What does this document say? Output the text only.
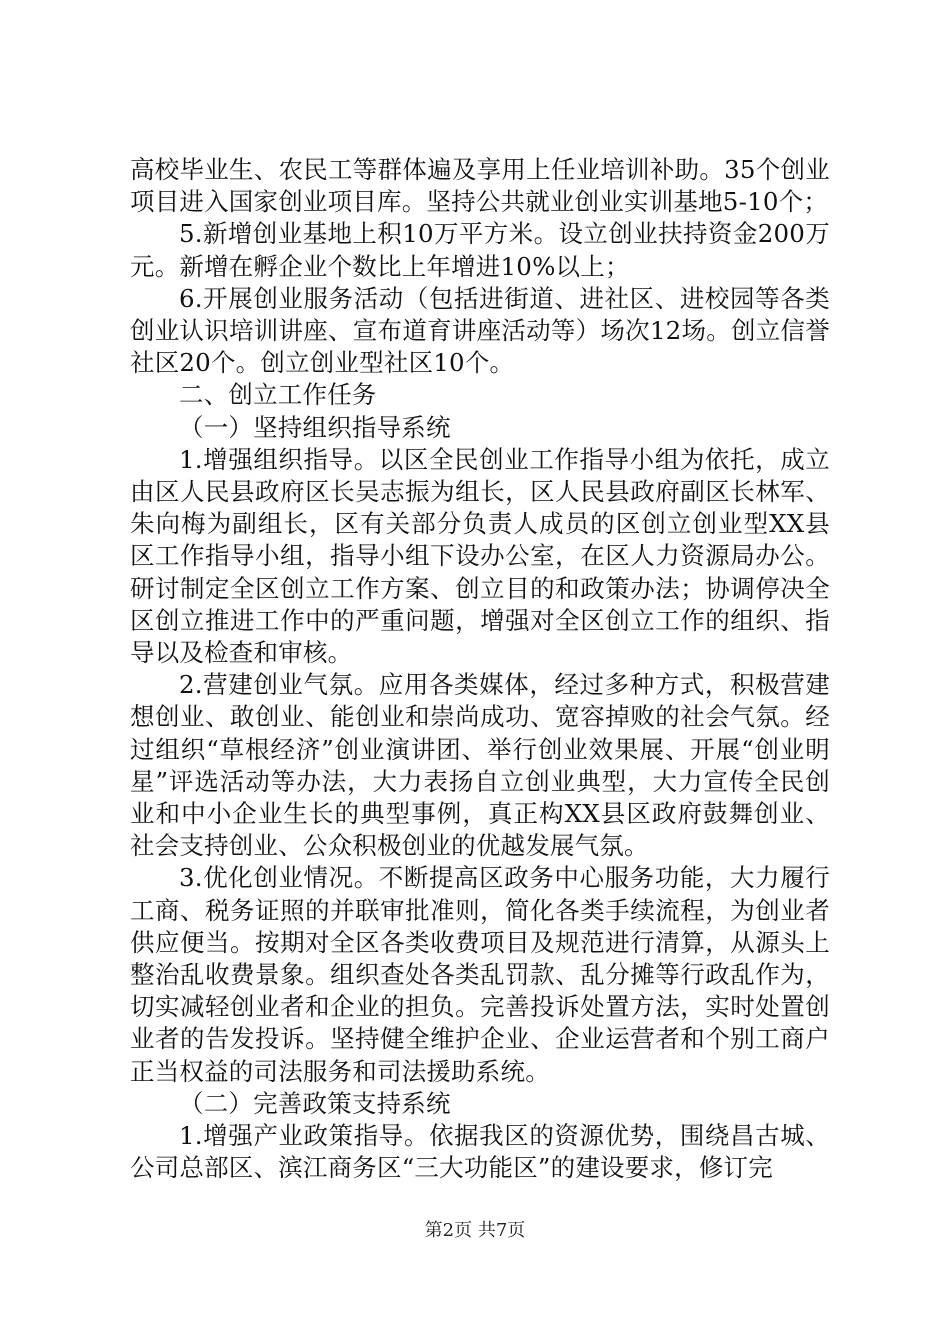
高校毕业生、农民工等群体遍及享用上任业培训补助。35个创业项目进入国家创业项目库。坚持公共就业创业实训基地5-10个；

5.新增创业基地上积10万平方米。设立创业扶持资金200万元。新增在孵企业个数比上年增进10%以上；

6.开展创业服务活动（包括进街道、进社区、进校园等各类创业认识培训讲座、宣布道育讲座活动等）场次12场。创立信誉社区20个。创立创业型社区10个。

二、创立工作任务

（一）坚持组织指导系统

1.增强组织指导。以区全民创业工作指导小组为依托，成立由区人民县政府区长吴志振为组长，区人民县政府副区长林军、朱向梅为副组长，区有关部分负责人成员的区创立创业型XX县区工作指导小组，指导小组下设办公室，在区人力资源局办公。研讨制定全区创立工作方案、创立目的和政策办法；协调停决全区创立推进工作中的严重问题，增强对全区创立工作的组织、指导以及检查和审核。

2.营建创业气氛。应用各类媒体，经过多种方式，积极营建想创业、敢创业、能创业和崇尚成功、宽容掉败的社会气氛。经过组织“草根经济”创业演讲团、举行创业效果展、开展“创业明星”评选活动等办法，大力表扬自立创业典型，大力宣传全民创业和中小企业生长的典型事例，真正构XX县区政府鼓舞创业、社会支持创业、公众积极创业的优越发展气氛。

3.优化创业情况。不断提高区政务中心服务功能，大力履行工商、税务证照的并联审批准则，简化各类手续流程，为创业者供应便当。按期对全区各类收费项目及规范进行清算，从源头上整治乱收费景象。组织查处各类乱罚款、乱分摊等行政乱作为，切实减轻创业者和企业的担负。完善投诉处置方法，实时处置创业者的告发投诉。坚持健全维护企业、企业运营者和个别工商户正当权益的司法服务和司法援助系统。

（二）完善政策支持系统

1.增强产业政策指导。依据我区的资源优势，围绕昌古城、公司总部区、滨江商务区“三大功能区”的建设要求，修订完

第2页 共7页
